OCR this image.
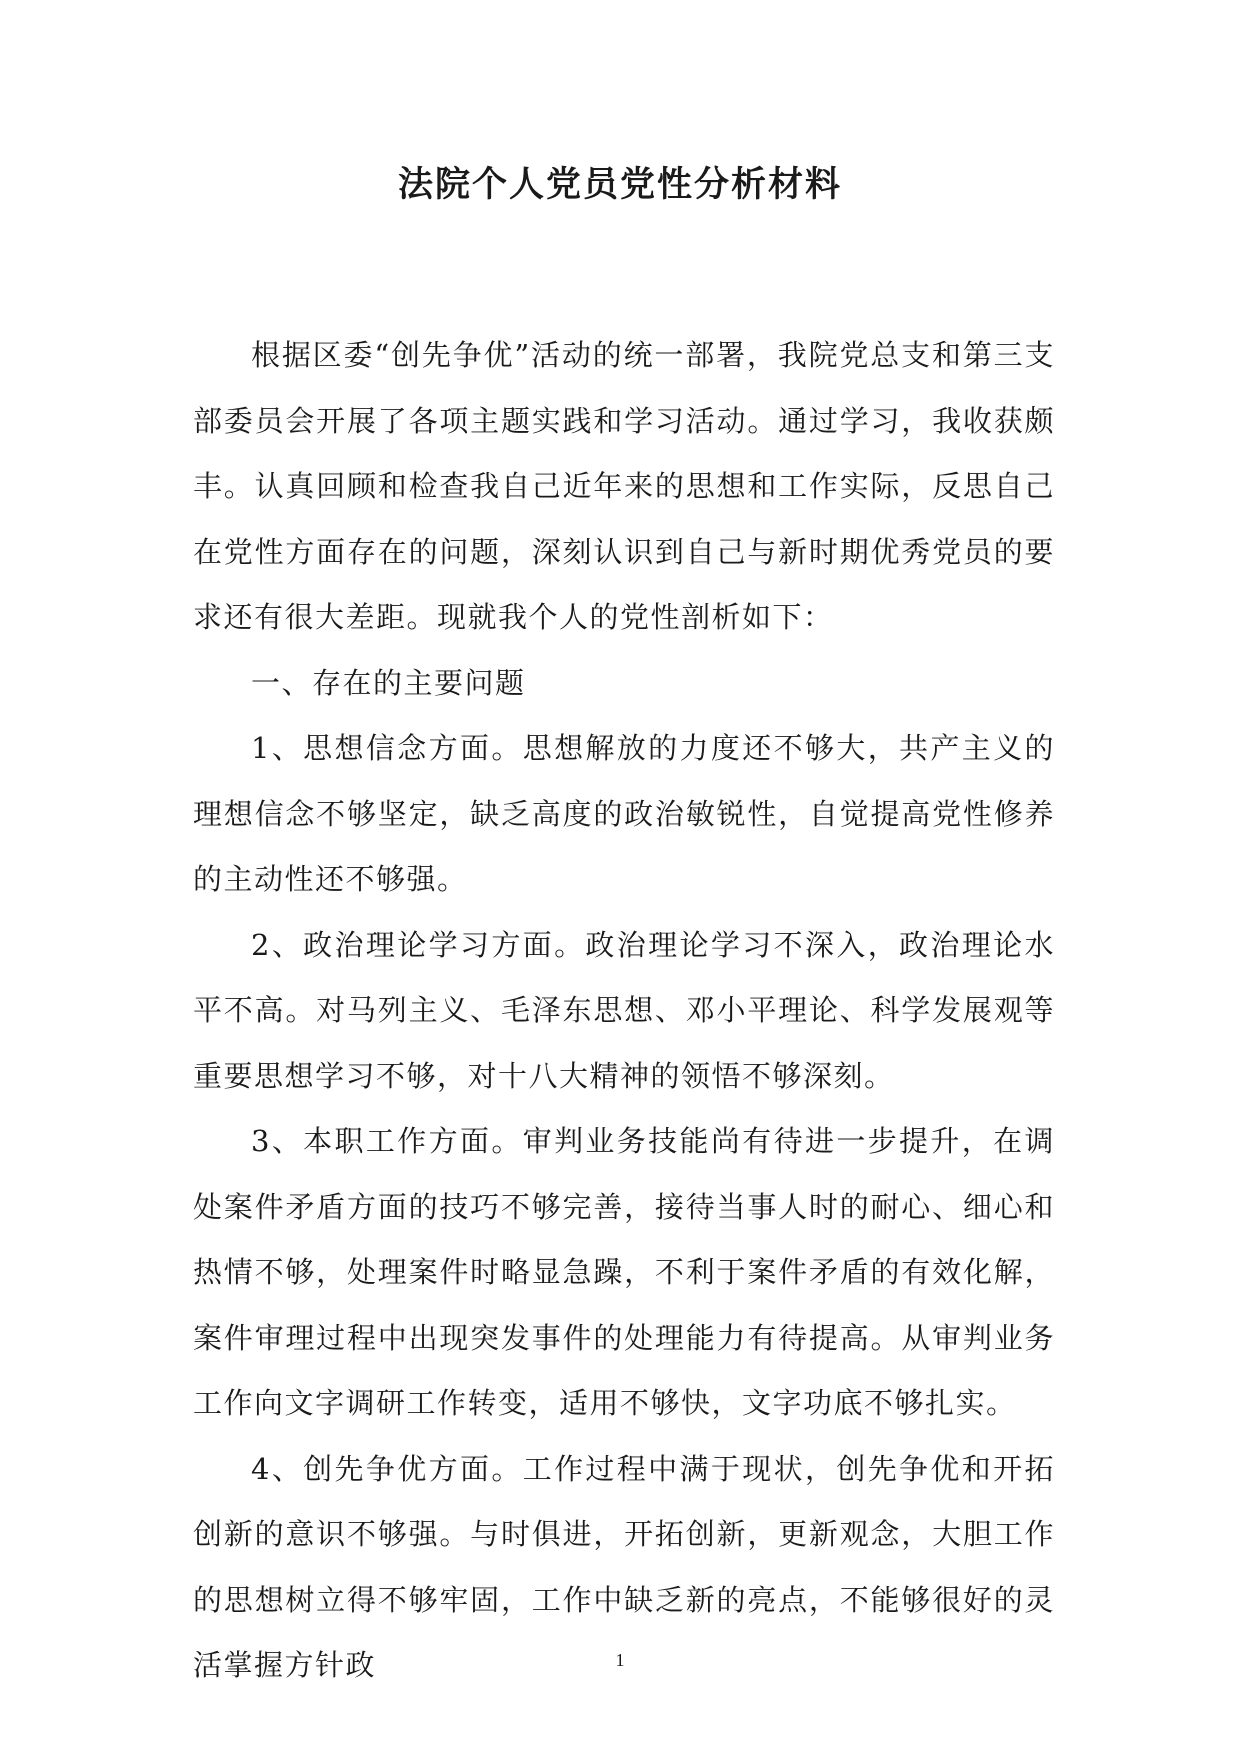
法院个人党员党性分析材料

根据区委“创先争优”活动的统一部署，我院党总支和第三支部委员会开展了各项主题实践和学习活动。通过学习，我收获颇丰。认真回顾和检查我自己近年来的思想和工作实际，反思自己在党性方面存在的问题，深刻认识到自己与新时期优秀党员的要求还有很大差距。现就我个人的党性剖析如下：

一、存在的主要问题

1、思想信念方面。思想解放的力度还不够大，共产主义的理想信念不够坚定，缺乏高度的政治敏锐性，自觉提高党性修养的主动性还不够强。

2、政治理论学习方面。政治理论学习不深入，政治理论水平不高。对马列主义、毛泽东思想、邓小平理论、科学发展观等重要思想学习不够，对十八大精神的领悟不够深刻。

3、本职工作方面。审判业务技能尚有待进一步提升，在调处案件矛盾方面的技巧不够完善，接待当事人时的耐心、细心和热情不够，处理案件时略显急躁，不利于案件矛盾的有效化解，案件审理过程中出现突发事件的处理能力有待提高。从审判业务工作向文字调研工作转变，适用不够快，文字功底不够扎实。

4、创先争优方面。工作过程中满于现状，创先争优和开拓创新的意识不够强。与时俱进，开拓创新，更新观念，大胆工作的思想树立得不够牢固，工作中缺乏新的亮点，不能够很好的灵活掌握方针政	1
